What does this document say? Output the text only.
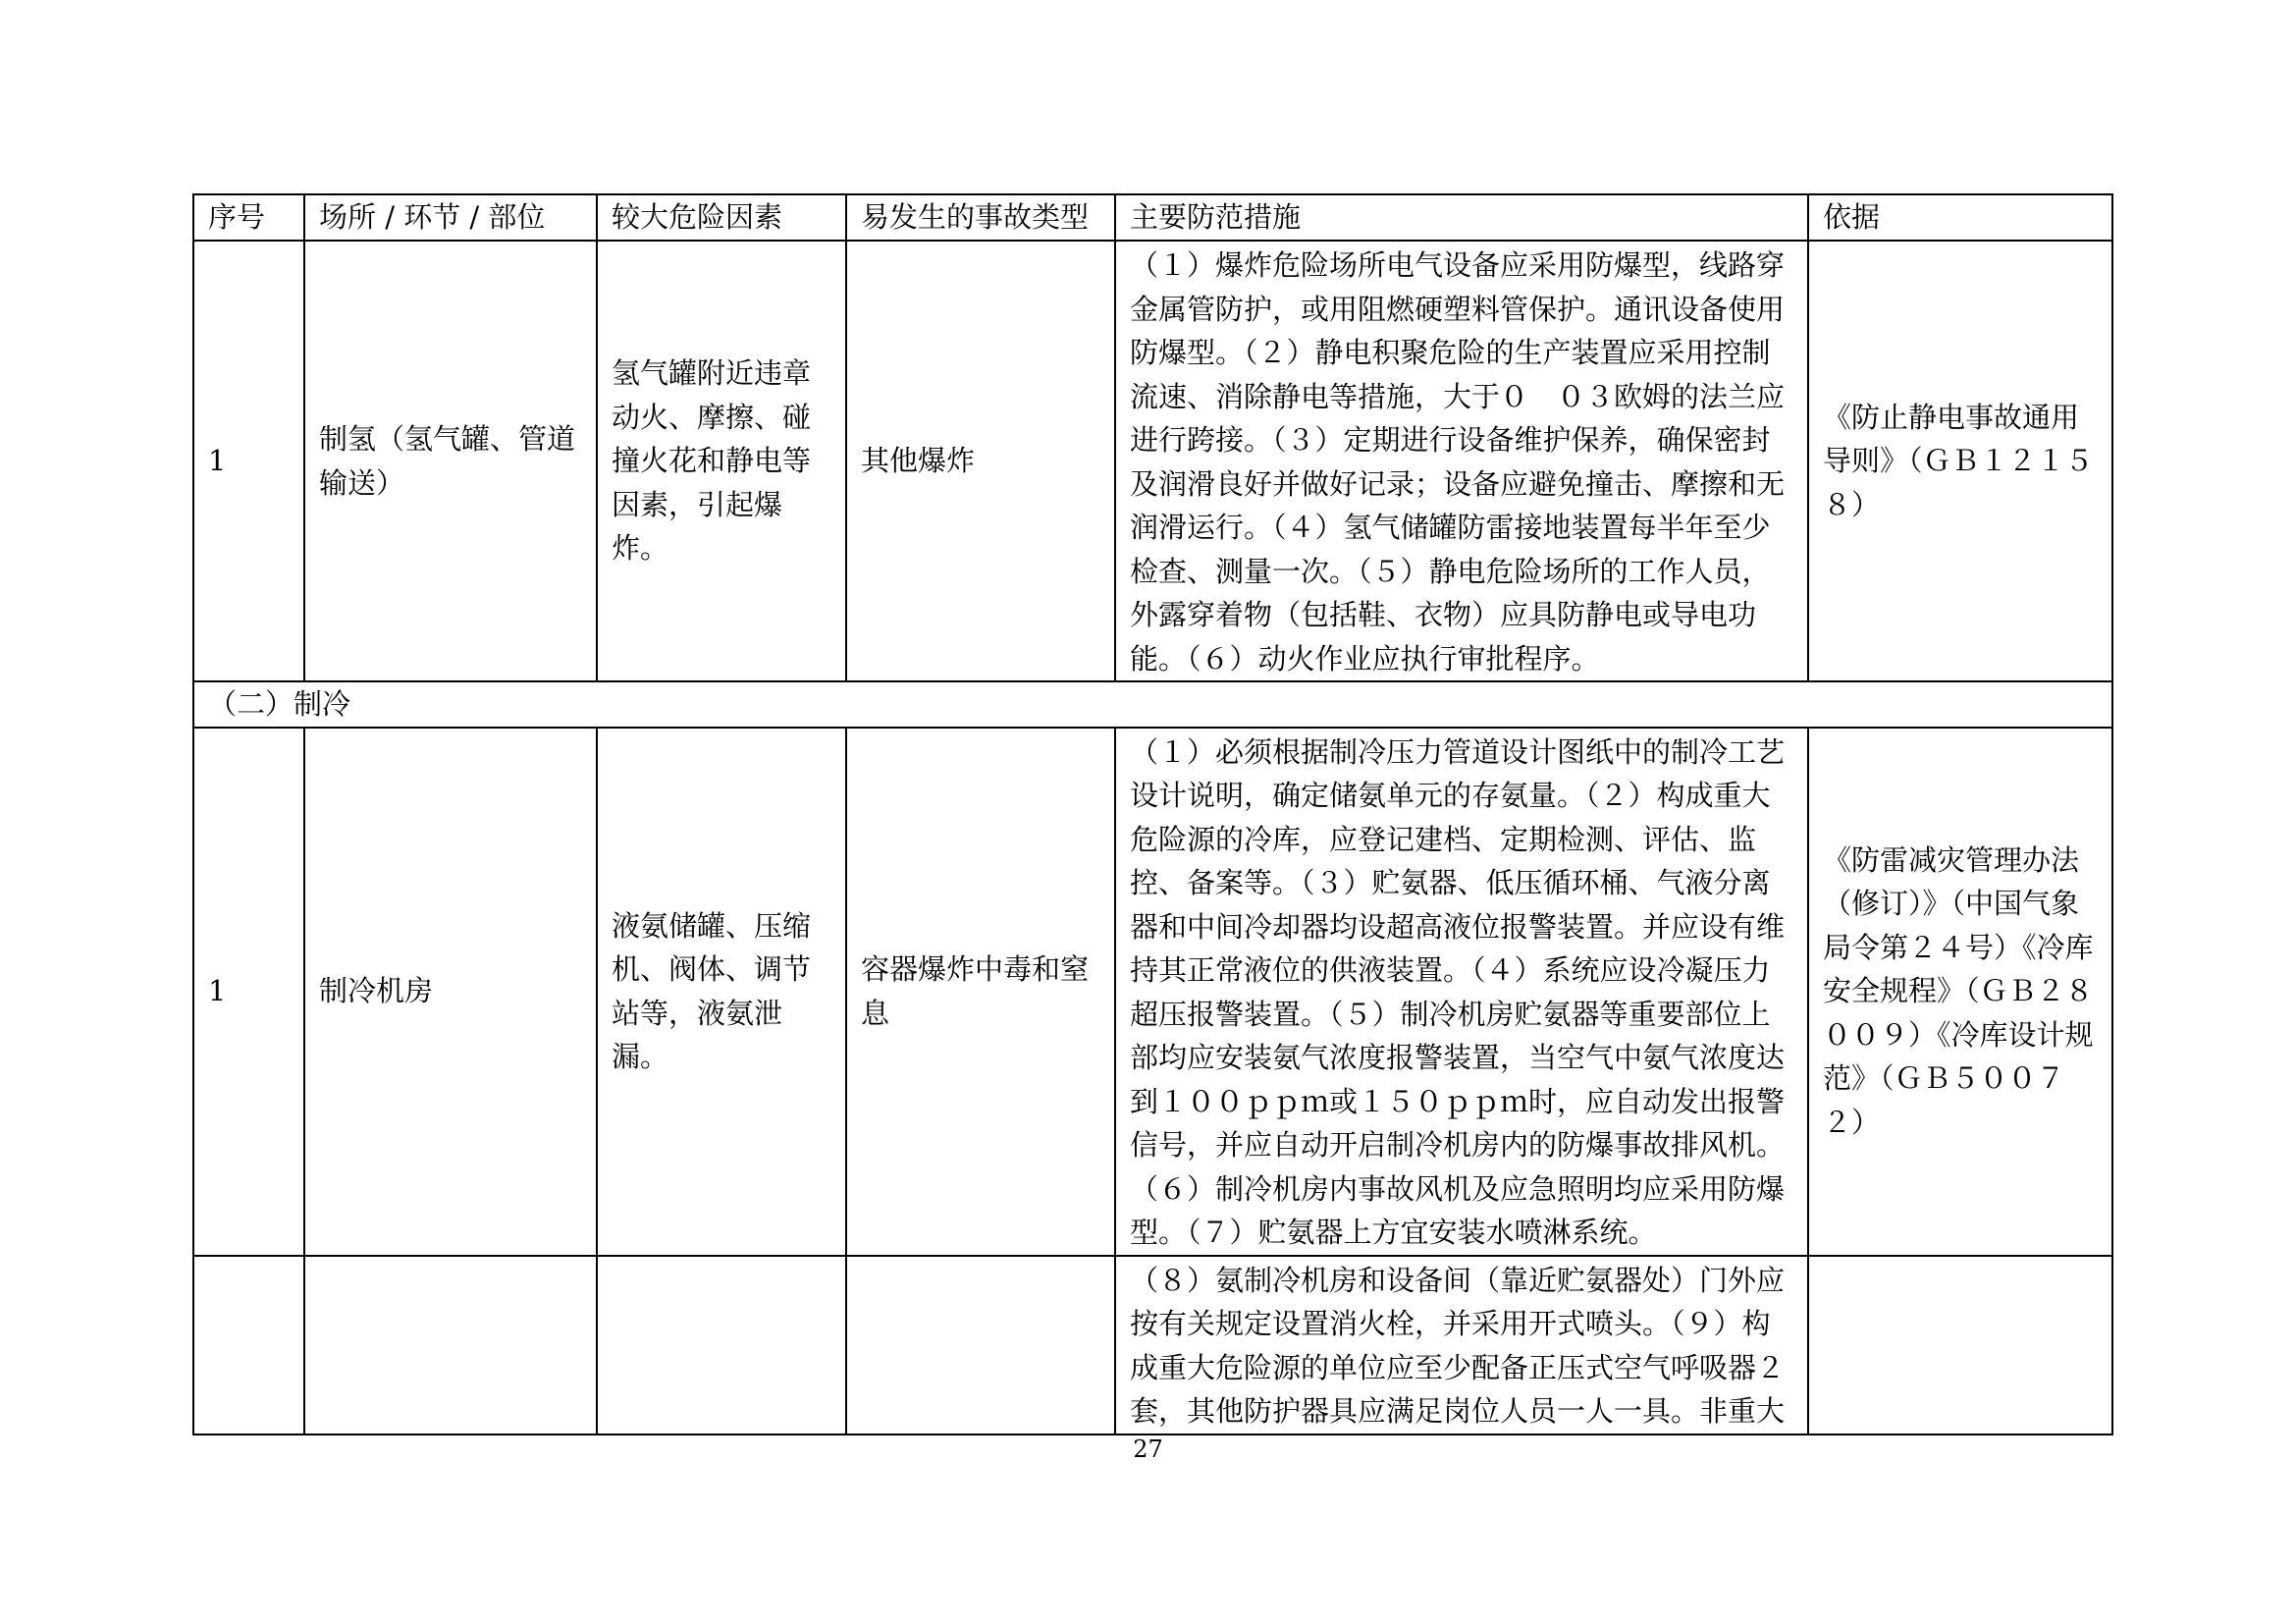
序号	场所 / 环节 / 部位	较大危险因素	易发生的事故类型	主要防范措施	依据
1	制氢（氢气罐、管道输送）	氢气罐附近违章动火、摩擦、碰撞火花和静电等因素，引起爆炸。	其他爆炸	（１）爆炸危险场所电气设备应采用防爆型，线路穿金属管防护，或用阻燃硬塑料管保护。通讯设备使用防爆型。（２）静电积聚危险的生产装置应采用控制流速、消除静电等措施，大于０　０３欧姆的法兰应进行跨接。（３）定期进行设备维护保养，确保密封及润滑良好并做好记录；设备应避免撞击、摩擦和无润滑运行。（４）氢气储罐防雷接地装置每半年至少检查、测量一次。（５）静电危险场所的工作人员，外露穿着物（包括鞋、衣物）应具防静电或导电功能。（６）动火作业应执行审批程序。	《防止静电事故通用导则》（ＧＢ１２１５８）
（二）制冷					
1	制冷机房	液氨储罐、压缩机、阀体、调节站等，液氨泄漏。	容器爆炸中毒和窒息	（１）必须根据制冷压力管道设计图纸中的制冷工艺设计说明，确定储氨单元的存氨量。（２）构成重大危险源的冷库，应登记建档、定期检测、评估、监控、备案等。（３）贮氨器、低压循环桶、气液分离器和中间冷却器均设超高液位报警装置。并应设有维持其正常液位的供液装置。（４）系统应设冷凝压力超压报警装置。（５）制冷机房贮氨器等重要部位上部均应安装氨气浓度报警装置，当空气中氨气浓度达到１００ｐｐｍ或１５０ｐｐｍ时，应自动发出报警信号，并应自动开启制冷机房内的防爆事故排风机。（６）制冷机房内事故风机及应急照明均应采用防爆型。（７）贮氨器上方宜安装水喷淋系统。	《防雷减灾管理办法（修订）》（中国气象局令第２４号）《冷库安全规程》（ＧＢ２８００９）《冷库设计规范》（ＧＢ５００７２）
				（８）氨制冷机房和设备间（靠近贮氨器处）门外应按有关规定设置消火栓，并采用开式喷头。（９）构成重大危险源的单位应至少配备正压式空气呼吸器２套，其他防护器具应满足岗位人员一人一具。非重大	
27
